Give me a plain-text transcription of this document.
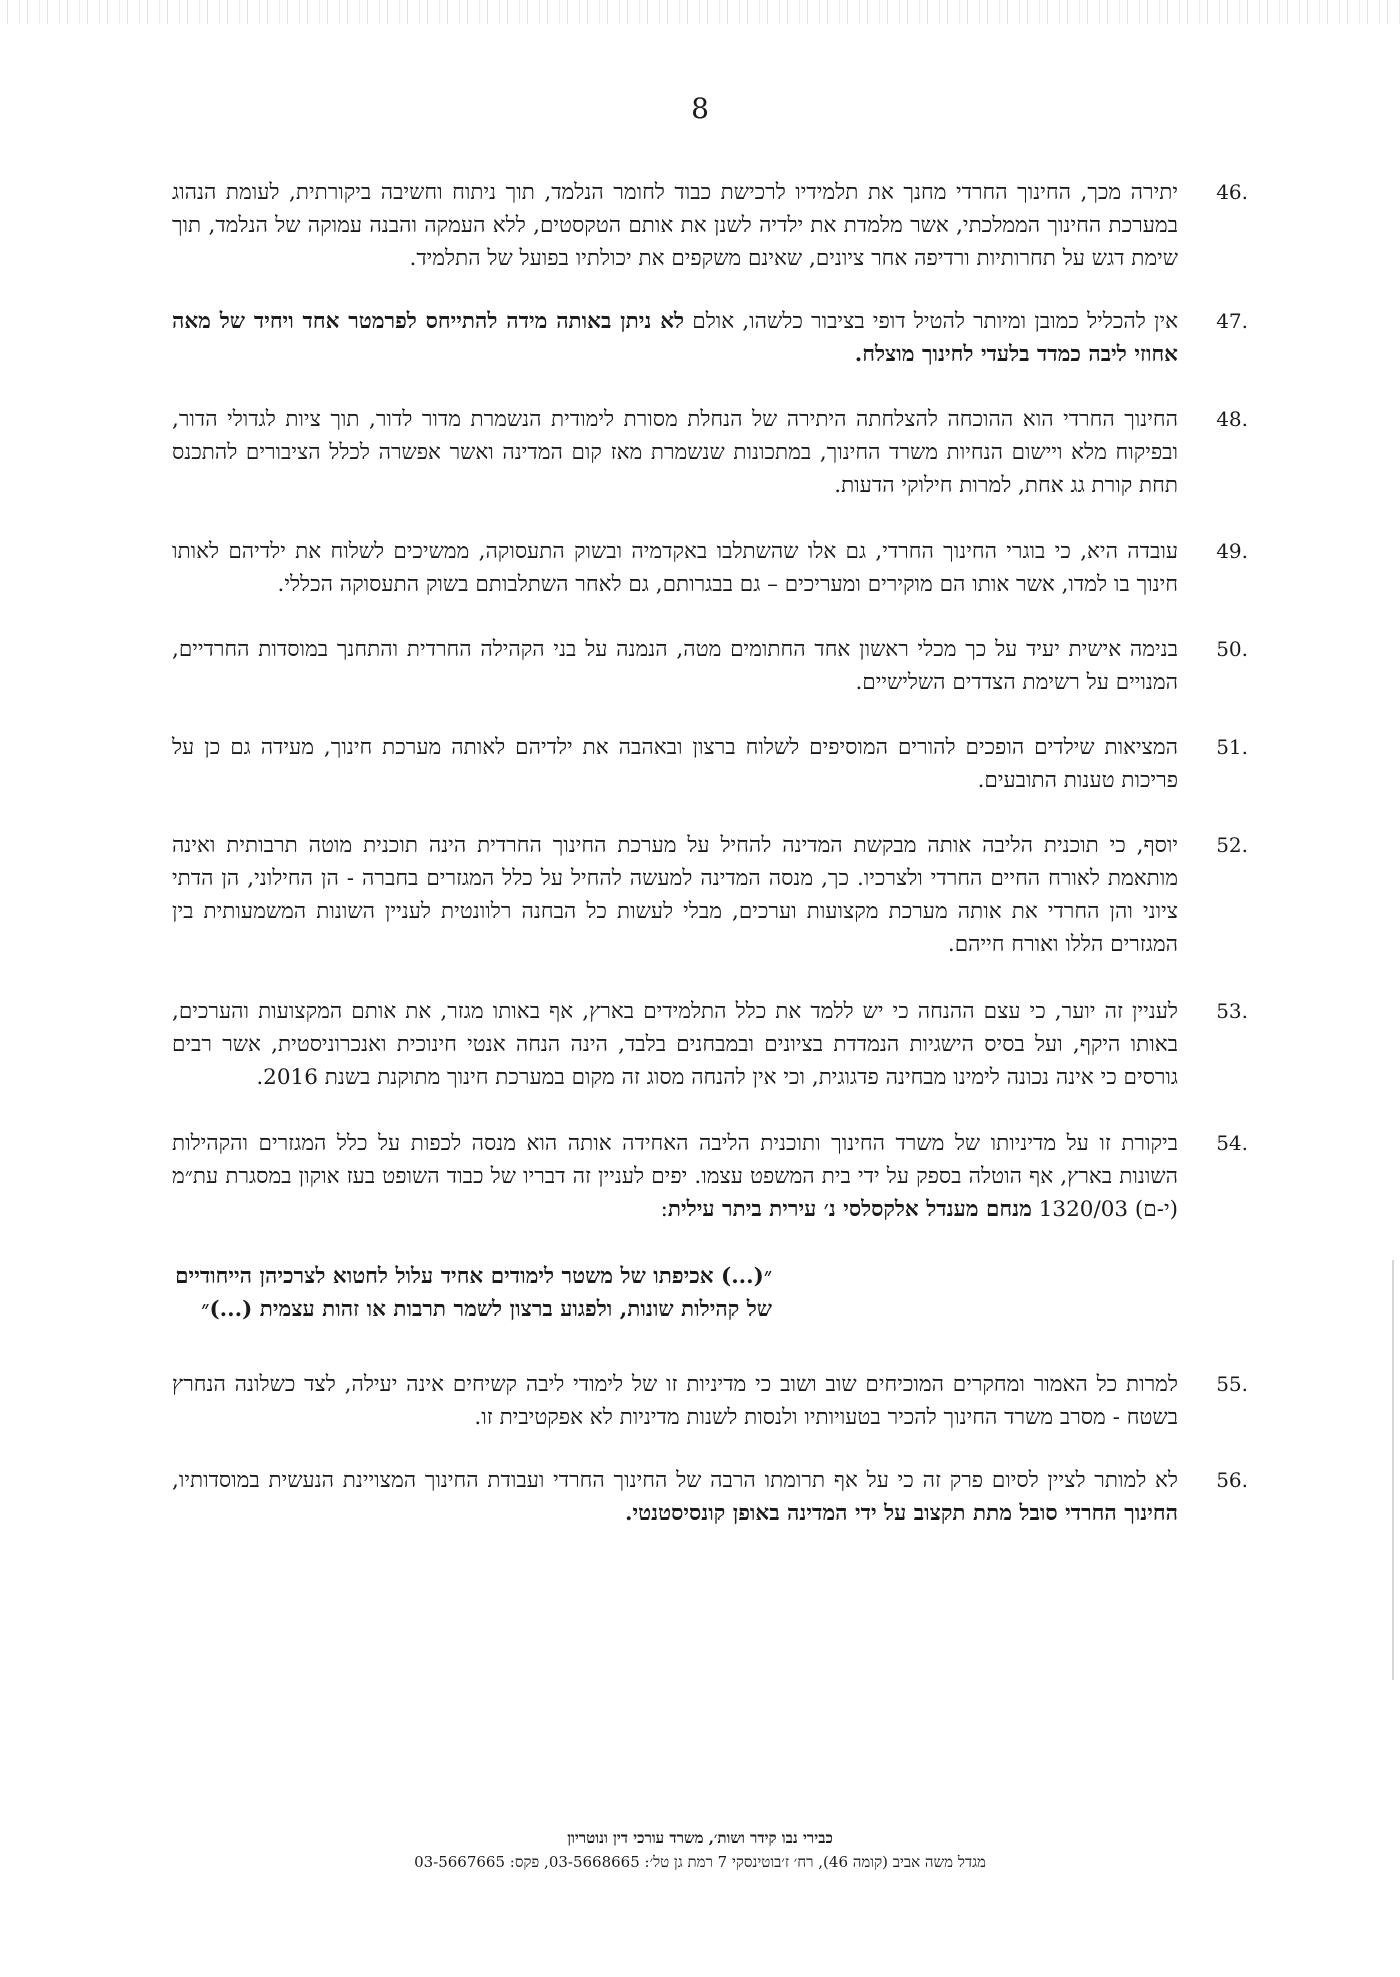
8
46.
יתירה מכך, החינוך החרדי מחנך את תלמידיו לרכישת כבוד לחומר הנלמד, תוך ניתוח וחשיבה ביקורתית, לעומת הנהוג במערכת החינוך הממלכתי, אשר מלמדת את ילדיה לשנן את אותם הטקסטים, ללא העמקה והבנה עמוקה של הנלמד, תוך שימת דגש על תחרותיות ורדיפה אחר ציונים, שאינם משקפים את יכולתיו בפועל של התלמיד.
47.
אין להכליל כמובן ומיותר להטיל דופי בציבור כלשהו, אולם לא ניתן באותה מידה להתייחס לפרמטר אחד ויחיד של מאה אחוזי ליבה כמדד בלעדי לחינוך מוצלח.
48.
החינוך החרדי הוא ההוכחה להצלחתה היתירה של הנחלת מסורת לימודית הנשמרת מדור לדור, תוך ציות לגדולי הדור, ובפיקוח מלא ויישום הנחיות משרד החינוך, במתכונות שנשמרת מאז קום המדינה ואשר אפשרה לכלל הציבורים להתכנס תחת קורת גג אחת, למרות חילוקי הדעות.
49.
עובדה היא, כי בוגרי החינוך החרדי, גם אלו שהשתלבו באקדמיה ובשוק התעסוקה, ממשיכים לשלוח את ילדיהם לאותו חינוך בו למדו, אשר אותו הם מוקירים ומעריכים – גם בבגרותם, גם לאחר השתלבותם בשוק התעסוקה הכללי.
50.
בנימה אישית יעיד על כך מכלי ראשון אחד החתומים מטה, הנמנה על בני הקהילה החרדית והתחנך במוסדות החרדיים, המנויים על רשימת הצדדים השלישיים.
51.
המציאות שילדים הופכים להורים המוסיפים לשלוח ברצון ובאהבה את ילדיהם לאותה מערכת חינוך, מעידה גם כן על פריכות טענות התובעים.
52.
יוסף, כי תוכנית הליבה אותה מבקשת המדינה להחיל על מערכת החינוך החרדית הינה תוכנית מוטה תרבותית ואינה מותאמת לאורח החיים החרדי ולצרכיו. כך, מנסה המדינה למעשה להחיל על כלל המגזרים בחברה - הן החילוני, הן הדתי ציוני והן החרדי את אותה מערכת מקצועות וערכים, מבלי לעשות כל הבחנה רלוונטית לעניין השונות המשמעותית בין המגזרים הללו ואורח חייהם.
53.
לעניין זה יוער, כי עצם ההנחה כי יש ללמד את כלל התלמידים בארץ, אף באותו מגזר, את אותם המקצועות והערכים, באותו היקף, ועל בסיס הישגיות הנמדדת בציונים ובמבחנים בלבד, הינה הנחה אנטי חינוכית ואנכרוניסטית, אשר רבים גורסים כי אינה נכונה לימינו מבחינה פדגוגית, וכי אין להנחה מסוג זה מקום במערכת חינוך מתוקנת בשנת 2016.
54.
ביקורת זו על מדיניותו של משרד החינוך ותוכנית הליבה האחידה אותה הוא מנסה לכפות על כלל המגזרים והקהילות השונות בארץ, אף הוטלה בספק על ידי בית המשפט עצמו. יפים לעניין זה דבריו של כבוד השופט בעז אוקון במסגרת עת״מ (י-ם) 1320/03 מנחם מענדל אלקסלסי נ׳ עירית ביתר עילית:
״(...) אכיפתו של משטר לימודים אחיד עלול לחטוא לצרכיהן הייחודיים של קהילות שונות, ולפגוע ברצון לשמר תרבות או זהות עצמית (...)״
55.
למרות כל האמור ומחקרים המוכיחים שוב ושוב כי מדיניות זו של לימודי ליבה קשיחים אינה יעילה, לצד כשלונה הנחרץ בשטח - מסרב משרד החינוך להכיר בטעויותיו ולנסות לשנות מדיניות לא אפקטיבית זו.
56.
לא למותר לציין לסיום פרק זה כי על אף תרומתו הרבה של החינוך החרדי ועבודת החינוך המצויינת הנעשית במוסדותיו, החינוך החרדי סובל מתת תקצוב על ידי המדינה באופן קונסיסטנטי.
כבירי נבו קידר ושות׳, משרד עורכי דין ונוטריון
מגדל משה אביב (קומה 46), רח׳ ז׳בוטינסקי 7 רמת גן טל׳: 03-5668665, פקס: 03-5667665
